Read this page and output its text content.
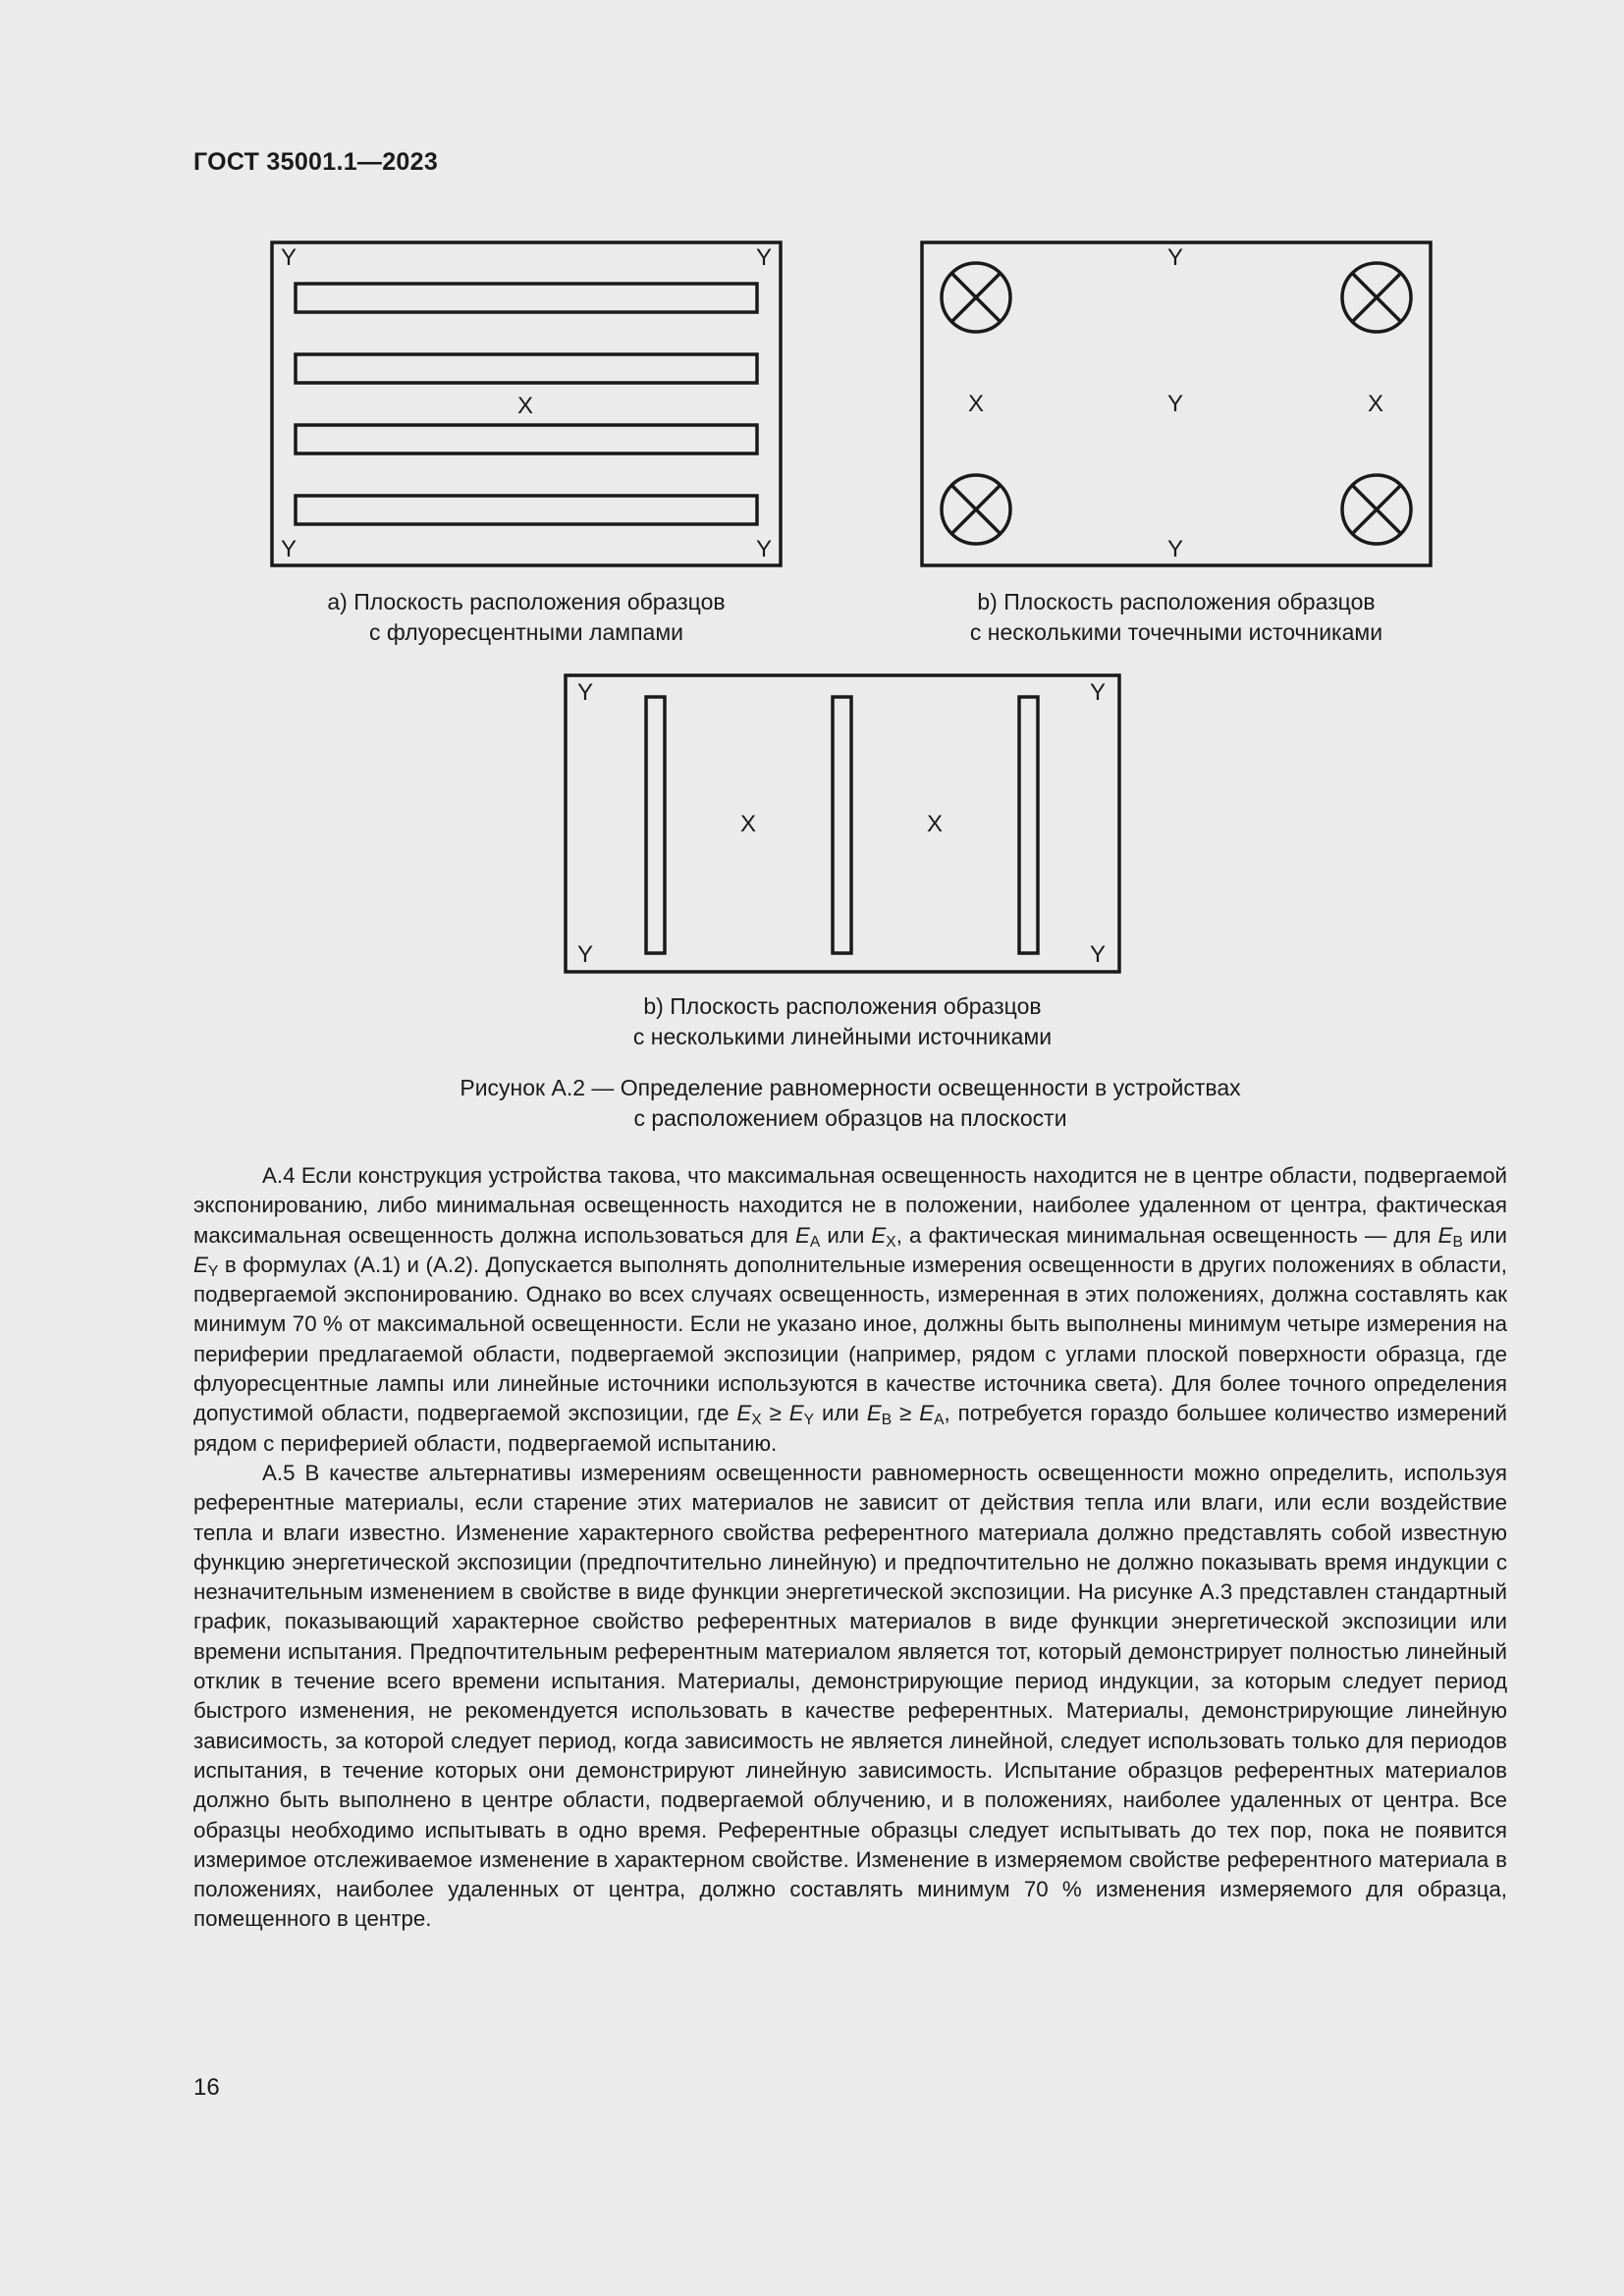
ГОСТ 35001.1—2023
Y	Y
Y	Y
X
a) Плоскость расположения образцов
с флуоресцентными лампами
Y
Y
Y
X	X
b) Плоскость расположения образцов
с несколькими точечными источниками
Y	Y
Y	Y
X	X
b) Плоскость расположения образцов
с несколькими линейными источниками
Рисунок А.2 — Определение равномерности освещенности в устройствах
с расположением образцов на плоскости

А.4 Если конструкция устройства такова, что максимальная освещенность находится не в центре области, подвергаемой экспонированию, либо минимальная освещенность находится не в положении, наиболее удаленном от центра, фактическая максимальная освещенность должна использоваться для $E_A$ или $E_X$, а фактическая минимальная освещенность — для $E_B$ или $E_Y$ в формулах (А.1) и (А.2). Допускается выполнять дополнительные измерения освещенности в других положениях в области, подвергаемой экспонированию. Однако во всех случаях освещенность, измеренная в этих положениях, должна составлять как минимум 70 % от максимальной освещенности. Если не указано иное, должны быть выполнены минимум четыре измерения на периферии предлагаемой области, подвергаемой экспозиции (например, рядом с углами плоской поверхности образца, где флуоресцентные лампы или линейные источники используются в качестве источника света). Для более точного определения допустимой области, подвергаемой экспозиции, где $E_X \ge E_Y$ или $E_B \ge E_A$, потребуется гораздо большее количество измерений рядом с периферией области, подвергаемой испытанию.

А.5 В качестве альтернативы измерениям освещенности равномерность освещенности можно определить, используя референтные материалы, если старение этих материалов не зависит от действия тепла или влаги, или если воздействие тепла и влаги известно. Изменение характерного свойства референтного материала должно представлять собой известную функцию энергетической экспозиции (предпочтительно линейную) и предпочтительно не должно показывать время индукции с незначительным изменением в свойстве в виде функции энергетической экспозиции. На рисунке А.3 представлен стандартный график, показывающий характерное свойство референтных материалов в виде функции энергетической экспозиции или времени испытания. Предпочтительным референтным материалом является тот, который демонстрирует полностью линейный отклик в течение всего времени испытания. Материалы, демонстрирующие период индукции, за которым следует период быстрого изменения, не рекомендуется использовать в качестве референтных. Материалы, демонстрирующие линейную зависимость, за которой следует период, когда зависимость не является линейной, следует использовать только для периодов испытания, в течение которых они демонстрируют линейную зависимость. Испытание образцов референтных материалов должно быть выполнено в центре области, подвергаемой облучению, и в положениях, наиболее удаленных от центра. Все образцы необходимо испытывать в одно время. Референтные образцы следует испытывать до тех пор, пока не появится измеримое отслеживаемое изменение в характерном свойстве. Изменение в измеряемом свойстве референтного материала в положениях, наиболее удаленных от центра, должно составлять минимум 70 % изменения измеряемого для образца, помещенного в центре.

16
